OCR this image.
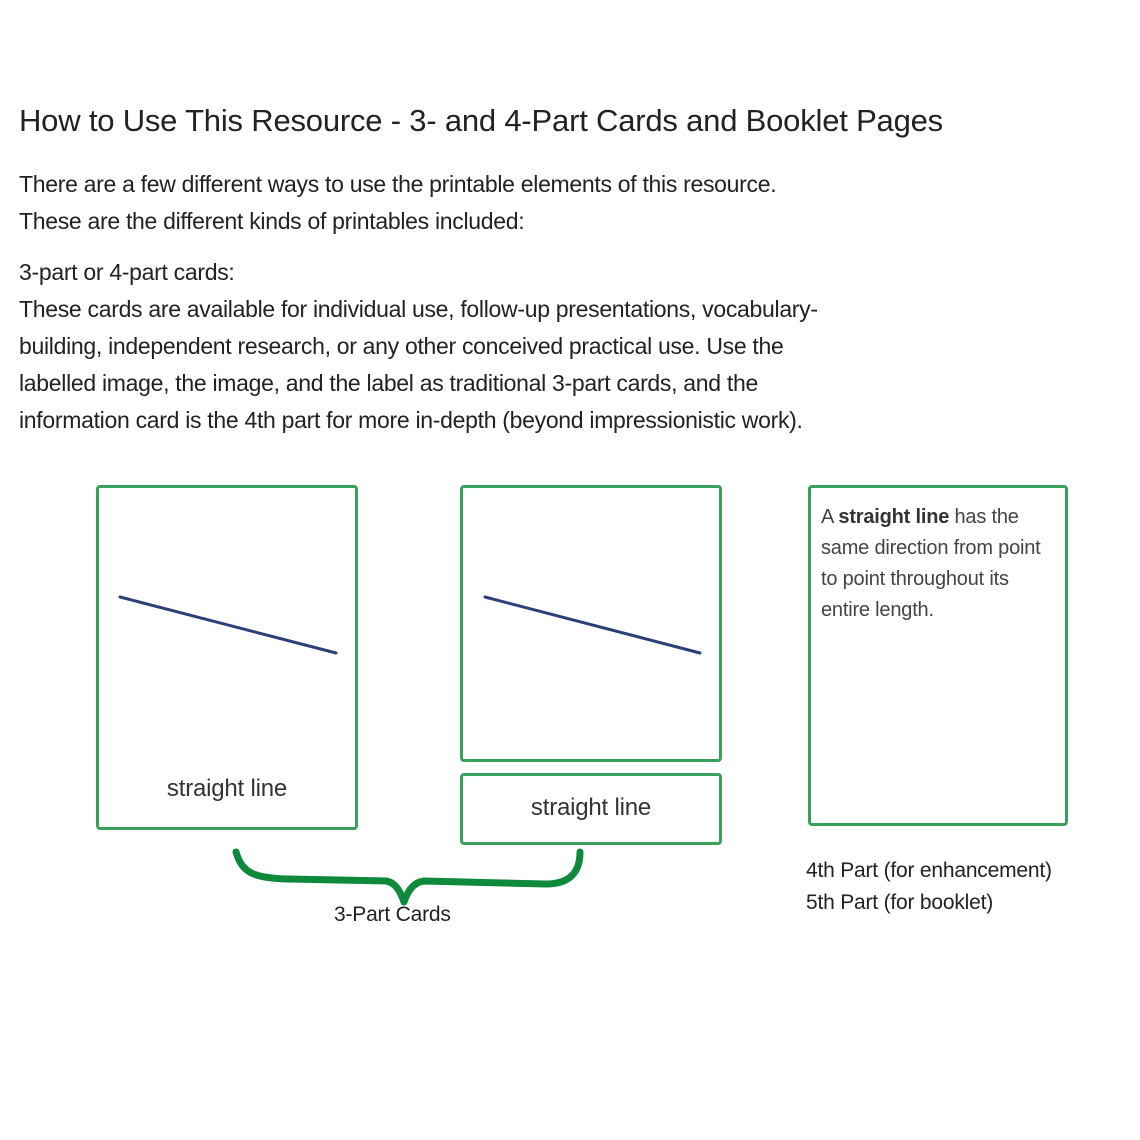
How to Use This Resource - 3- and 4-Part Cards and Booklet Pages

There are a few different ways to use the printable elements of this resource.

These are the different kinds of printables included:

3-part or 4-part cards:

These cards are available for individual use, follow-up presentations, vocabulary-

building, independent research, or any other conceived practical use. Use the

labelled image, the image, and the label as traditional 3-part cards, and the

information card is the 4th part for more in-depth (beyond impressionistic work).

straight line
straight line
A straight line has the same direction from point to point throughout its entire length.
3-Part Cards
4th Part (for enhancement)
5th Part (for booklet)
